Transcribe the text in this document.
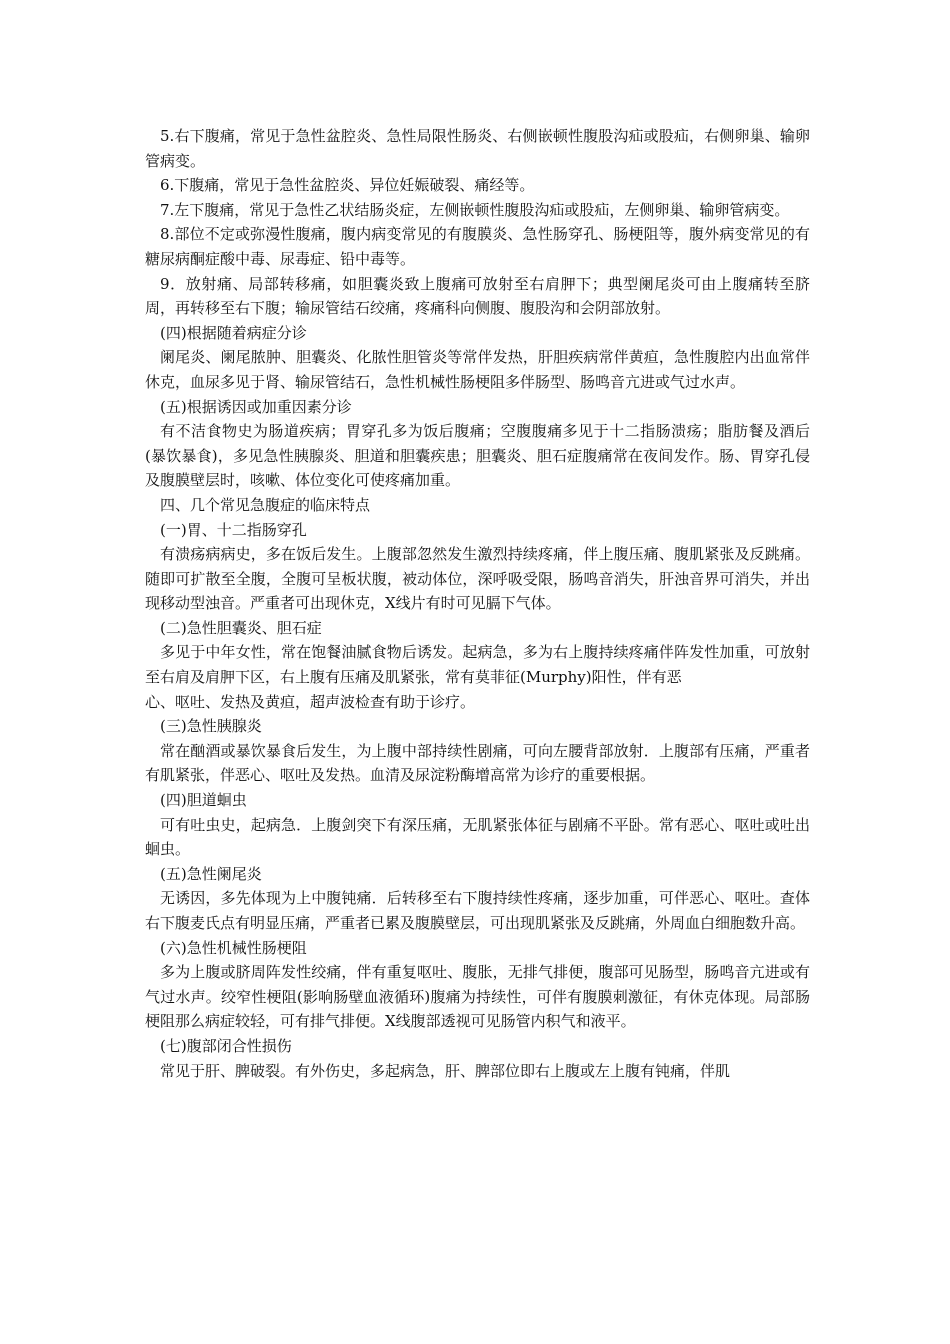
5.右下腹痛，常见于急性盆腔炎、急性局限性肠炎、右侧嵌顿性腹股沟疝或股疝，右侧卵巢、输卵管病变。

6.下腹痛，常见于急性盆腔炎、异位妊娠破裂、痛经等。

7.左下腹痛，常见于急性乙状结肠炎症，左侧嵌顿性腹股沟疝或股疝，左侧卵巢、输卵管病变。

8.部位不定或弥漫性腹痛，腹内病变常见的有腹膜炎、急性肠穿孔、肠梗阻等，腹外病变常见的有糖尿病酮症酸中毒、尿毒症、铅中毒等。

9．放射痛、局部转移痛，如胆囊炎致上腹痛可放射至右肩胛下；典型阑尾炎可由上腹痛转至脐周，再转移至右下腹；输尿管结石绞痛，疼痛科向侧腹、腹股沟和会阴部放射。

(四)根据随着病症分诊

阑尾炎、阑尾脓肿、胆囊炎、化脓性胆管炎等常伴发热，肝胆疾病常伴黄疸，急性腹腔内出血常伴休克，血尿多见于肾、输尿管结石，急性机械性肠梗阻多伴肠型、肠鸣音亢进或气过水声。

(五)根据诱因或加重因素分诊

有不洁食物史为肠道疾病；胃穿孔多为饭后腹痛；空腹腹痛多见于十二指肠溃疡；脂肪餐及酒后(暴饮暴食)，多见急性胰腺炎、胆道和胆囊疾患；胆囊炎、胆石症腹痛常在夜间发作。肠、胃穿孔侵及腹膜壁层时，咳嗽、体位变化可使疼痛加重。

四、几个常见急腹症的临床特点

(一)胃、十二指肠穿孔

有溃疡病病史，多在饭后发生。上腹部忽然发生激烈持续疼痛，伴上腹压痛、腹肌紧张及反跳痛。随即可扩散至全腹，全腹可呈板状腹，被动体位，深呼吸受限，肠鸣音消失，肝浊音界可消失，并出现移动型浊音。严重者可出现休克，X线片有时可见膈下气体。

(二)急性胆囊炎、胆石症

多见于中年女性，常在饱餐油腻食物后诱发。起病急，多为右上腹持续疼痛伴阵发性加重，可放射至右肩及肩胛下区，右上腹有压痛及肌紧张，常有莫菲征(Murphy)阳性，伴有恶

心、呕吐、发热及黄疸，超声波检查有助于诊疗。

(三)急性胰腺炎

常在酗酒或暴饮暴食后发生，为上腹中部持续性剧痛，可向左腰背部放射．上腹部有压痛，严重者有肌紧张，伴恶心、呕吐及发热。血清及尿淀粉酶增高常为诊疗的重要根据。

(四)胆道蛔虫

可有吐虫史，起病急．上腹剑突下有深压痛，无肌紧张体征与剧痛不平卧。常有恶心、呕吐或吐出蛔虫。

(五)急性阑尾炎

无诱因，多先体现为上中腹钝痛．后转移至右下腹持续性疼痛，逐步加重，可伴恶心、呕吐。查体右下腹麦氏点有明显压痛，严重者已累及腹膜壁层，可出现肌紧张及反跳痛，外周血白细胞数升高。

(六)急性机械性肠梗阻

多为上腹或脐周阵发性绞痛，伴有重复呕吐、腹胀，无排气排便，腹部可见肠型，肠鸣音亢进或有气过水声。绞窄性梗阻(影响肠壁血液循环)腹痛为持续性，可伴有腹膜刺激征，有休克体现。局部肠梗阻那么病症较轻，可有排气排便。X线腹部透视可见肠管内积气和液平。

(七)腹部闭合性损伤

常见于肝、脾破裂。有外伤史，多起病急，肝、脾部位即右上腹或左上腹有钝痛，伴肌
